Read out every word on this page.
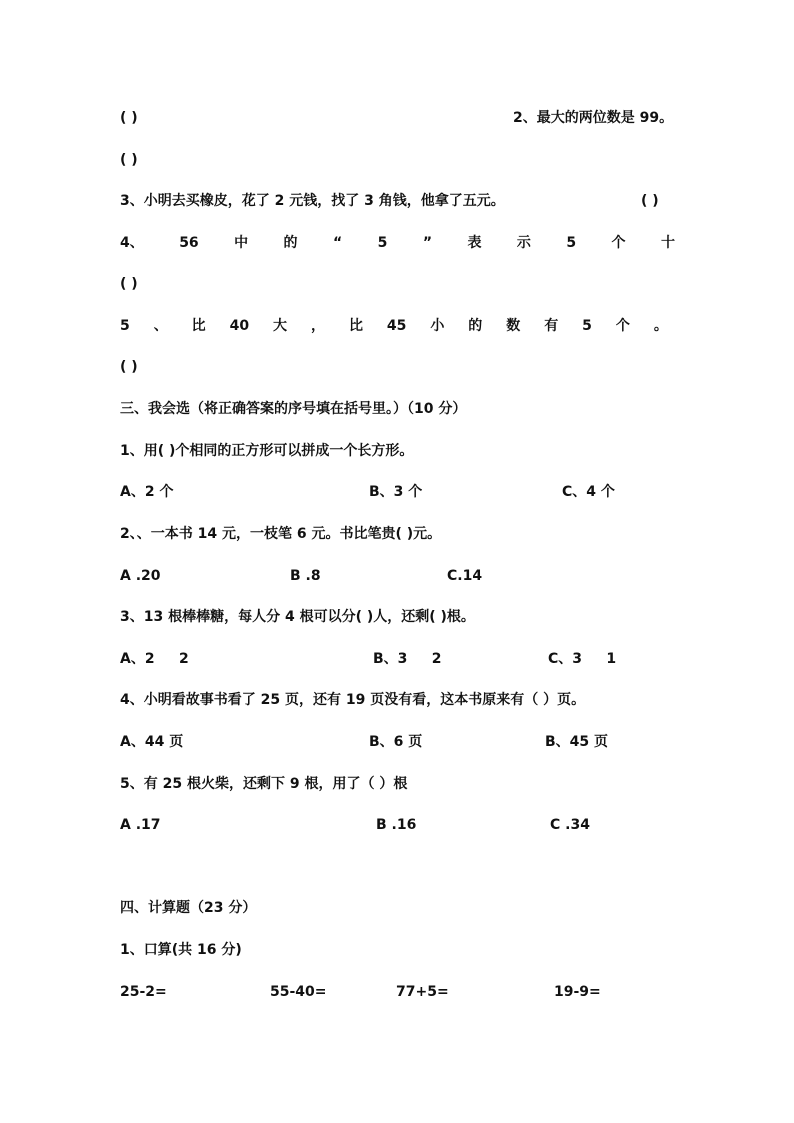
( )	2、最大的两位数是 99。
( )
3、小明去买橡皮，花了 2 元钱，找了 3 角钱，他拿了五元。	( )
4、	56	中	的	“	5	”	表	示	5	个	十
( )
5 、 比 40 大 ， 比 45 小 的 数 有 5 个 。
( )
三、我会选（将正确答案的序号填在括号里。）（10 分）
1、用( )个相同的正方形可以拼成一个长方形。
A、2 个	B、3 个	C、4 个
2、、一本书 14 元，一枝笔 6 元。书比笔贵( )元。
A .20	B .8	C.14
3、13 根棒棒糖，每人分 4 根可以分( )人，还剩( )根。
A、2     2	B、3     2	C、3     1
4、小明看故事书看了 25 页，还有 19 页没有看，这本书原来有（ ）页。
A、44 页	B、6 页	B、45 页
5、有 25 根火柴，还剩下 9 根，用了（ ）根
A .17	B .16	C .34
四、计算题（23 分）
1、口算(共 16 分)
25-2=	55-40=	77+5=	19-9=
